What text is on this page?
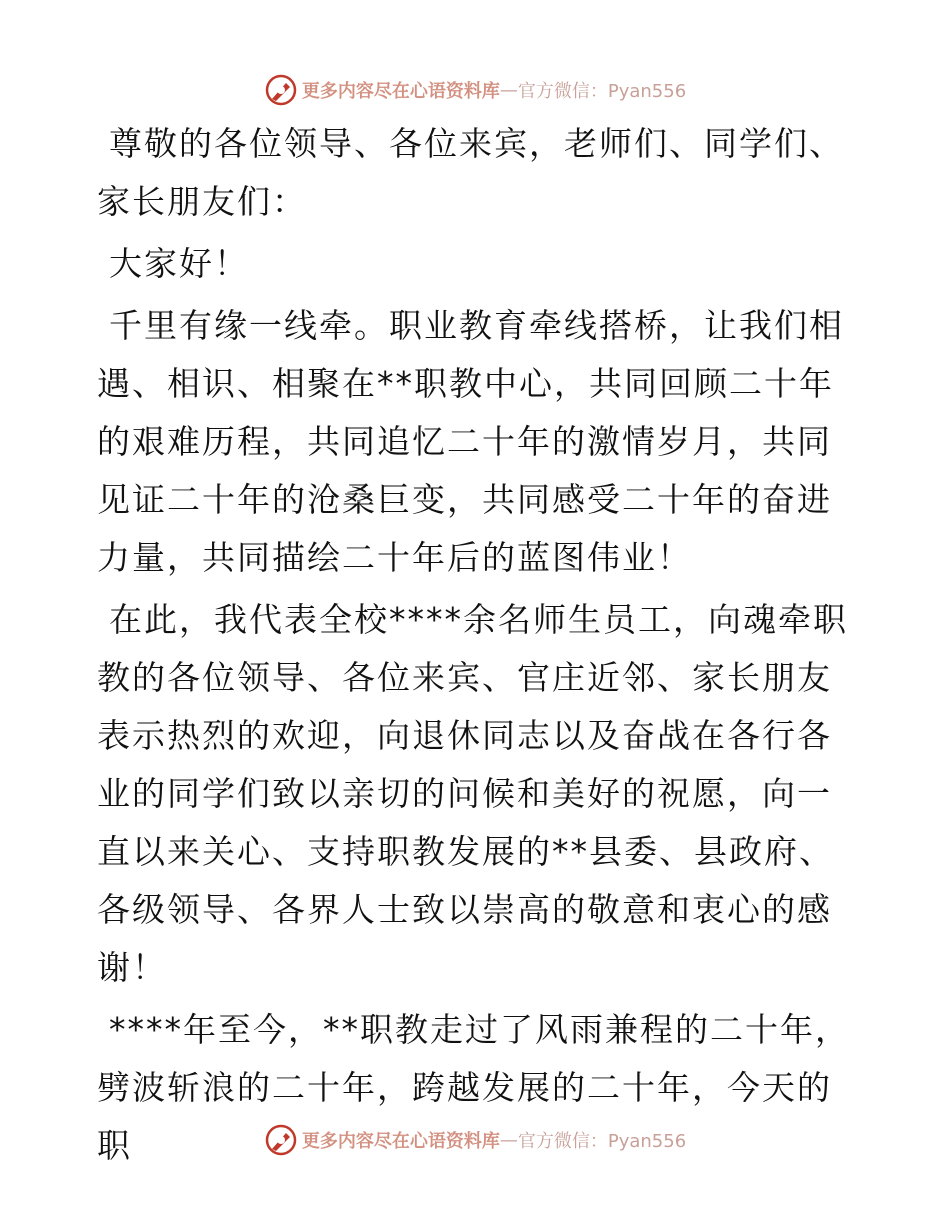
更多内容尽在心语资料库 — 官方微信：Pyan556

尊敬的各位领导、各位来宾，老师们、同学们、家长朋友们：

大家好！

千里有缘一线牵。职业教育牵线搭桥，让我们相遇、相识、相聚在**职教中心，共同回顾二十年的艰难历程，共同追忆二十年的激情岁月，共同见证二十年的沧桑巨变，共同感受二十年的奋进力量，共同描绘二十年后的蓝图伟业！

在此，我代表全校****余名师生员工，向魂牵职教的各位领导、各位来宾、官庄近邻、家长朋友表示热烈的欢迎，向退休同志以及奋战在各行各业的同学们致以亲切的问候和美好的祝愿，向一直以来关心、支持职教发展的**县委、县政府、各级领导、各界人士致以崇高的敬意和衷心的感谢！

****年至今，**职教走过了风雨兼程的二十年，劈波斩浪的二十年，跨越发展的二十年，今天的职	更多内容尽在心语资料库 — 官方微信：Pyan556
